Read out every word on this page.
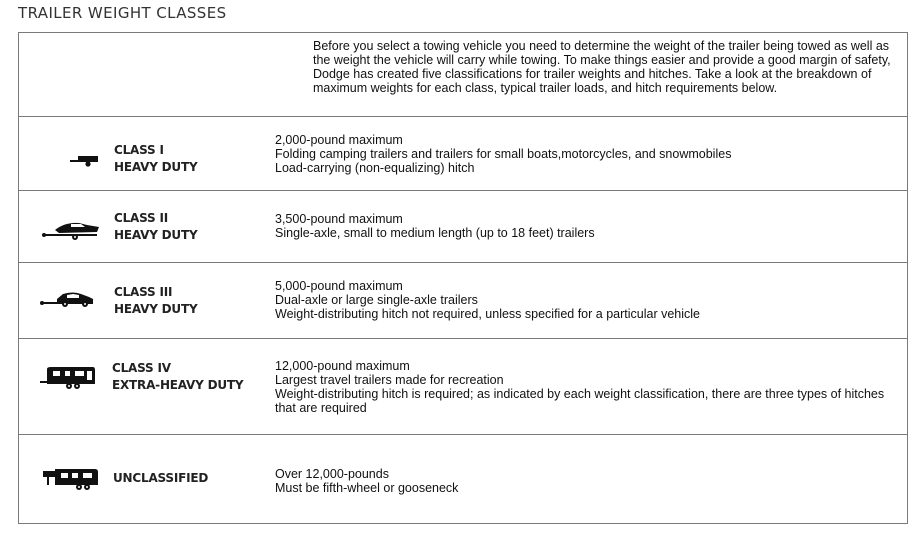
TRAILER WEIGHT CLASSES
Before you select a towing vehicle you need to determine the weight of the trailer being towed as well as the weight the vehicle will carry while towing. To make things easier and provide a good margin of safety, Dodge has created five classifications for trailer weights and hitches. Take a look at the breakdown of maximum weights for each class, typical trailer loads, and hitch requirements below.
CLASS I
HEAVY DUTY
2,000-pound maximum
Folding camping trailers and trailers for small boats,motorcycles, and snowmobiles
Load-carrying (non-equalizing) hitch
CLASS II
HEAVY DUTY
3,500-pound maximum
Single-axle, small to medium length (up to 18 feet) trailers
CLASS III
HEAVY DUTY
5,000-pound maximum
Dual-axle or large single-axle trailers
Weight-distributing hitch not required, unless specified for a particular vehicle
CLASS IV
EXTRA-HEAVY DUTY
12,000-pound maximum
Largest travel trailers made for recreation
Weight-distributing hitch is required; as indicated by each weight classification, there are three types of hitches that are required
UNCLASSIFIED	Over 12,000-pounds
Must be fifth-wheel or gooseneck
